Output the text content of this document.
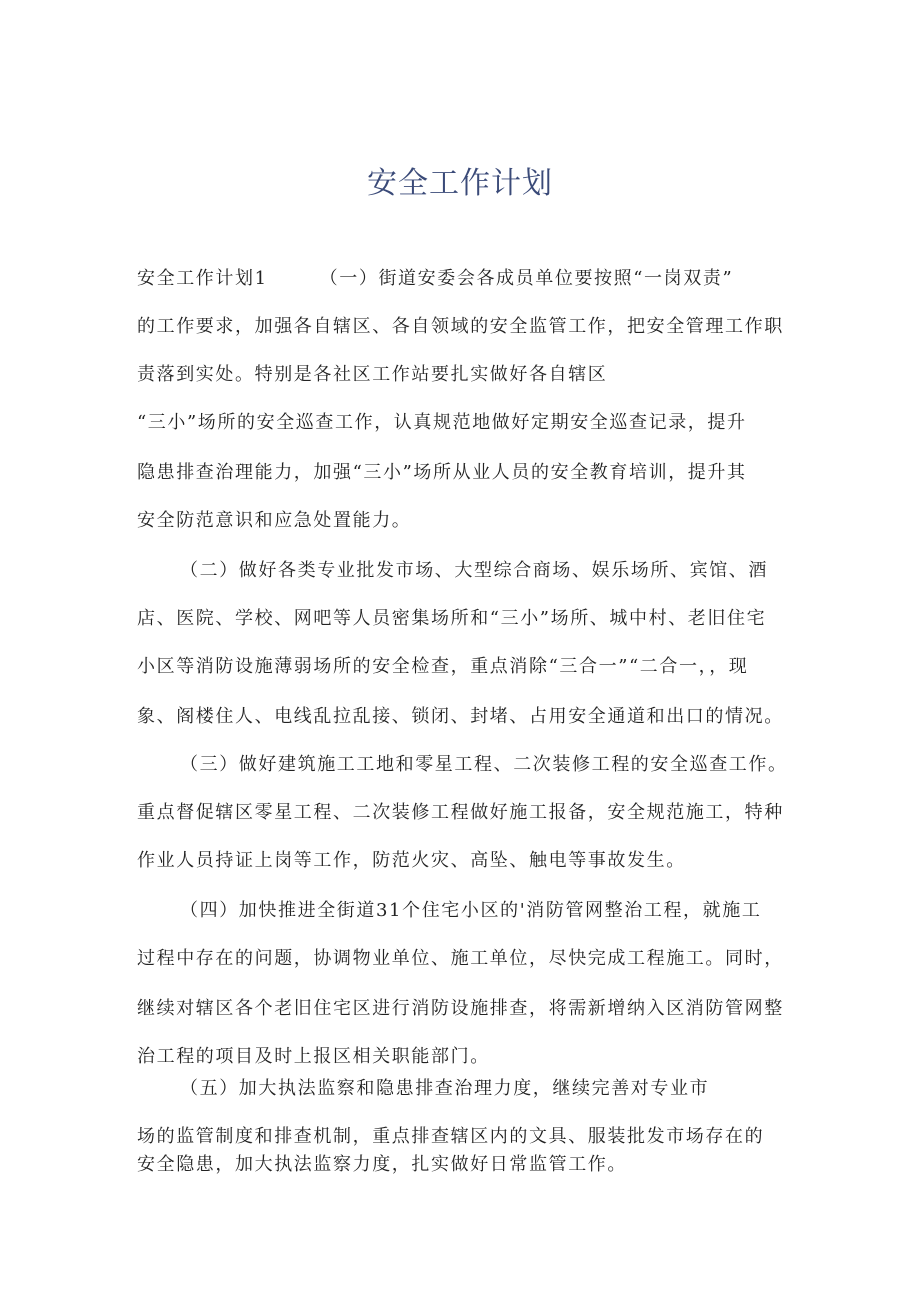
安全工作计划
安全工作计划1	（一）街道安委会各成员单位要按照“一岗双责”
的工作要求，加强各自辖区、各自领域的安全监管工作，把安全管理工作职
责落到实处。特别是各社区工作站要扎实做好各自辖区
“三小”场所的安全巡查工作，认真规范地做好定期安全巡查记录，提升
隐患排查治理能力，加强“三小”场所从业人员的安全教育培训，提升其
安全防范意识和应急处置能力。
（二）做好各类专业批发市场、大型综合商场、娱乐场所、宾馆、酒
店、医院、学校、网吧等人员密集场所和“三小”场所、城中村、老旧住宅
小区等消防设施薄弱场所的安全检查，重点消除“三合一”“二合一，，现
象、阁楼住人、电线乱拉乱接、锁闭、封堵、占用安全通道和出口的情况。
（三）做好建筑施工工地和零星工程、二次装修工程的安全巡查工作。
重点督促辖区零星工程、二次装修工程做好施工报备，安全规范施工，特种
作业人员持证上岗等工作，防范火灾、高坠、触电等事故发生。
（四）加快推进全街道31个住宅小区的'消防管网整治工程，就施工
过程中存在的问题，协调物业单位、施工单位，尽快完成工程施工。同时，
继续对辖区各个老旧住宅区进行消防设施排查，将需新增纳入区消防管网整
治工程的项目及时上报区相关职能部门。
（五）加大执法监察和隐患排查治理力度，继续完善对专业市
场的监管制度和排查机制，重点排查辖区内的文具、服装批发市场存在的
安全隐患，加大执法监察力度，扎实做好日常监管工作。
